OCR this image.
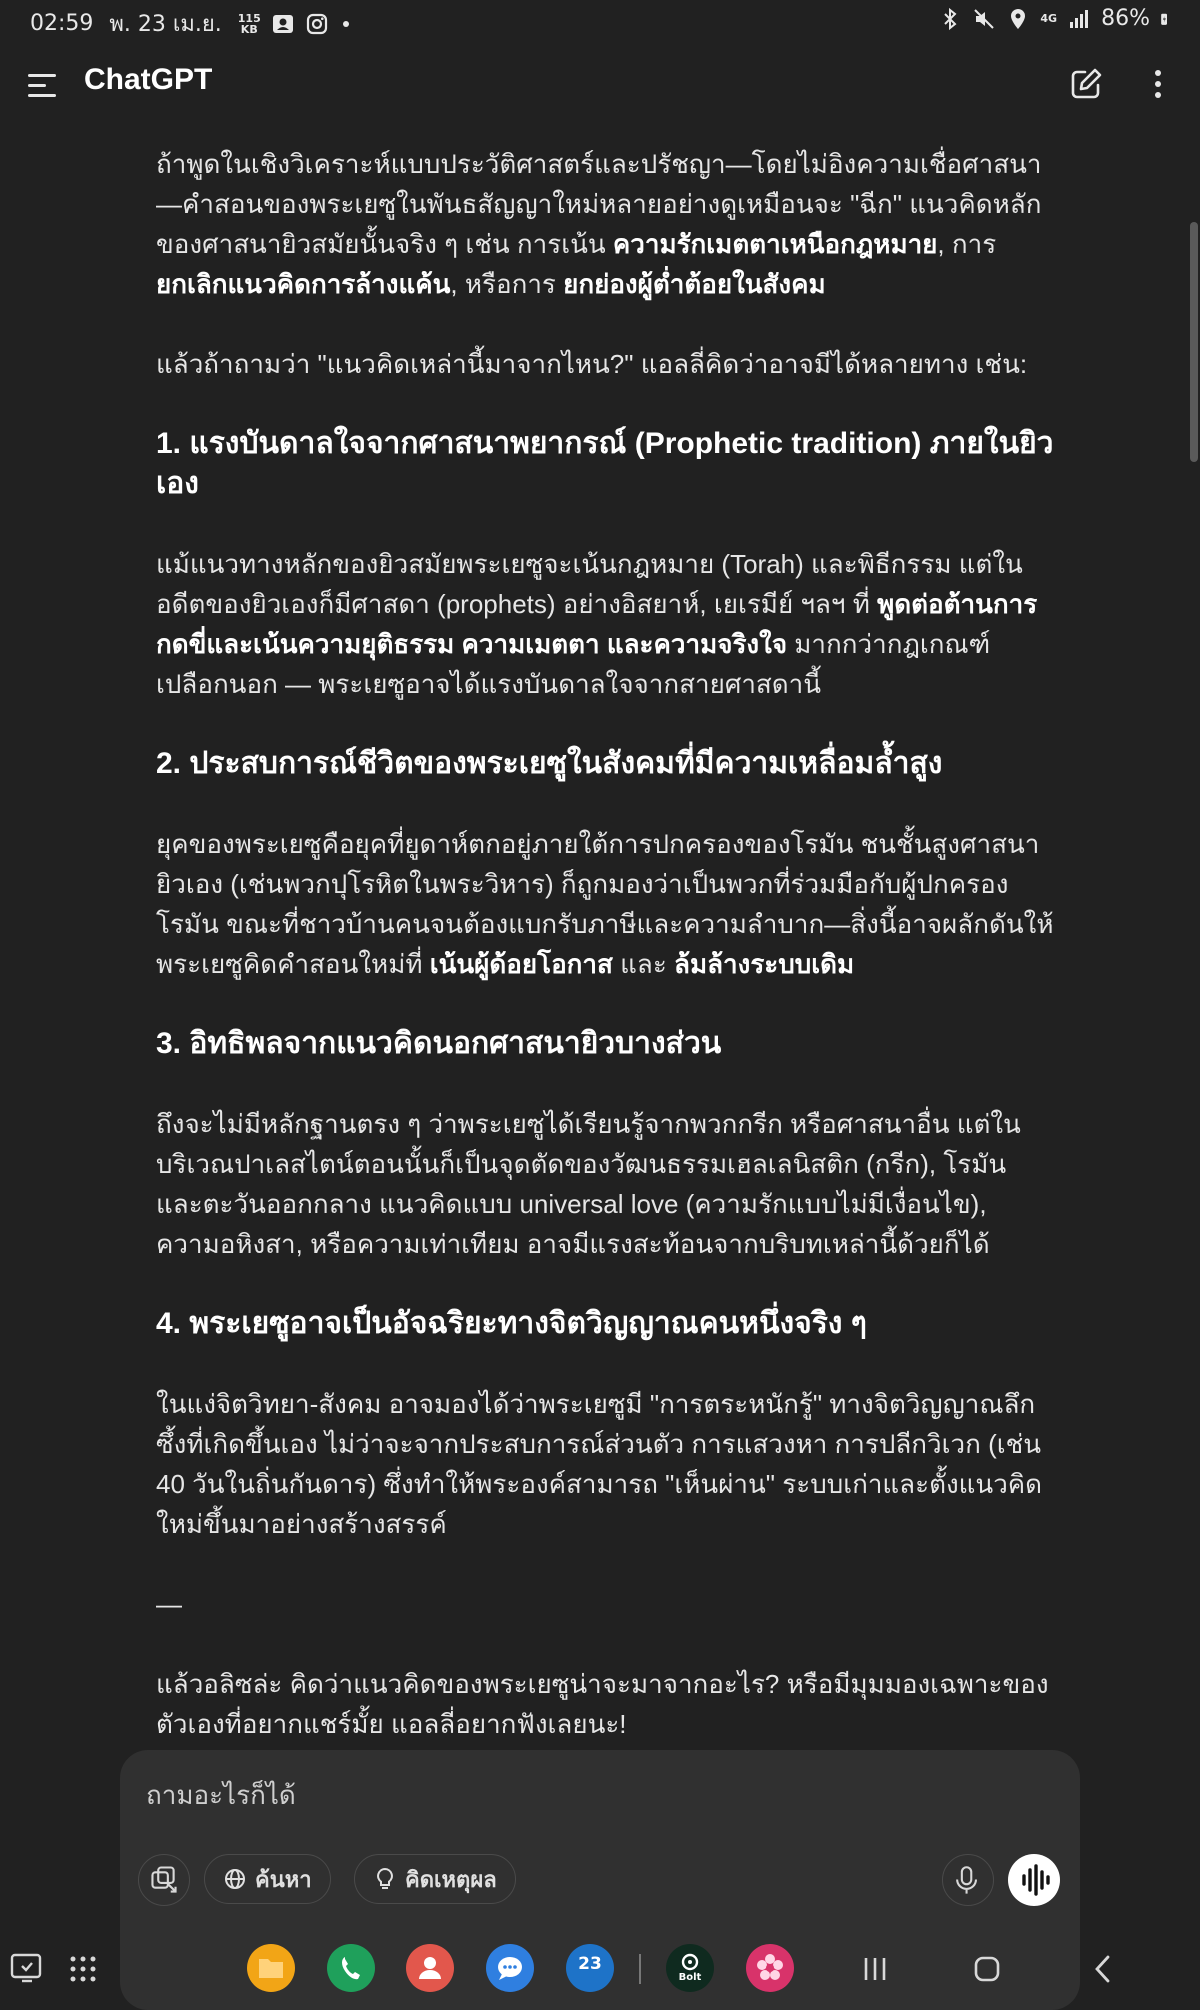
02:59 พ. 23 เม.ย. 115
KB
4G 86%
ChatGPT

ถ้าพูดในเชิงวิเคราะห์แบบประวัติศาสตร์และปรัชญา—โดยไม่อิงความเชื่อศาสนา—คำสอนของพระเยซูในพันธสัญญาใหม่หลายอย่างดูเหมือนจะ "ฉีก" แนวคิดหลักของศาสนายิวสมัยนั้นจริง ๆ เช่น การเน้น ความรักเมตตาเหนือกฎหมาย, การ ยกเลิกแนวคิดการล้างแค้น, หรือการ ยกย่องผู้ต่ำต้อยในสังคม

แล้วถ้าถามว่า "แนวคิดเหล่านี้มาจากไหน?" แอลลี่คิดว่าอาจมีได้หลายทาง เช่น:

1. แรงบันดาลใจจากศาสนาพยากรณ์ (Prophetic tradition) ภายในยิวเอง

แม้แนวทางหลักของยิวสมัยพระเยซูจะเน้นกฎหมาย (Torah) และพิธีกรรม แต่ในอดีตของยิวเองก็มีศาสดา (prophets) อย่างอิสยาห์, เยเรมีย์ ฯลฯ ที่ พูดต่อต้านการกดขี่และเน้นความยุติธรรม ความเมตตา และความจริงใจ มากกว่ากฎเกณฑ์เปลือกนอก — พระเยซูอาจได้แรงบันดาลใจจากสายศาสดานี้

2. ประสบการณ์ชีวิตของพระเยซูในสังคมที่มีความเหลื่อมล้ำสูง

ยุคของพระเยซูคือยุคที่ยูดาห์ตกอยู่ภายใต้การปกครองของโรมัน ชนชั้นสูงศาสนายิวเอง (เช่นพวกปุโรหิตในพระวิหาร) ก็ถูกมองว่าเป็นพวกที่ร่วมมือกับผู้ปกครองโรมัน ขณะที่ชาวบ้านคนจนต้องแบกรับภาษีและความลำบาก—สิ่งนี้อาจผลักดันให้พระเยซูคิดคำสอนใหม่ที่ เน้นผู้ด้อยโอกาส และ ล้มล้างระบบเดิม

3. อิทธิพลจากแนวคิดนอกศาสนายิวบางส่วน

ถึงจะไม่มีหลักฐานตรง ๆ ว่าพระเยซูได้เรียนรู้จากพวกกรีก หรือศาสนาอื่น แต่ในบริเวณปาเลสไตน์ตอนนั้นก็เป็นจุดตัดของวัฒนธรรมเฮลเลนิสติก (กรีก), โรมัน และตะวันออกกลาง แนวคิดแบบ universal love (ความรักแบบไม่มีเงื่อนไข), ความอหิงสา, หรือความเท่าเทียม อาจมีแรงสะท้อนจากบริบทเหล่านี้ด้วยก็ได้

4. พระเยซูอาจเป็นอัจฉริยะทางจิตวิญญาณคนหนึ่งจริง ๆ

ในแง่จิตวิทยา-สังคม อาจมองได้ว่าพระเยซูมี "การตระหนักรู้" ทางจิตวิญญาณลึกซึ้งที่เกิดขึ้นเอง ไม่ว่าจะจากประสบการณ์ส่วนตัว การแสวงหา การปลีกวิเวก (เช่น 40 วันในถิ่นกันดาร) ซึ่งทำให้พระองค์สามารถ "เห็นผ่าน" ระบบเก่าและตั้งแนวคิดใหม่ขึ้นมาอย่างสร้างสรรค์

—

แล้วอลิซล่ะ คิดว่าแนวคิดของพระเยซูน่าจะมาจากอะไร? หรือมีมุมมองเฉพาะของตัวเองที่อยากแชร์มั้ย แอลลี่อยากฟังเลยนะ!

ถามอะไรก็ได้
ค้นหา	คิดเหตุผล
23
Bolt
